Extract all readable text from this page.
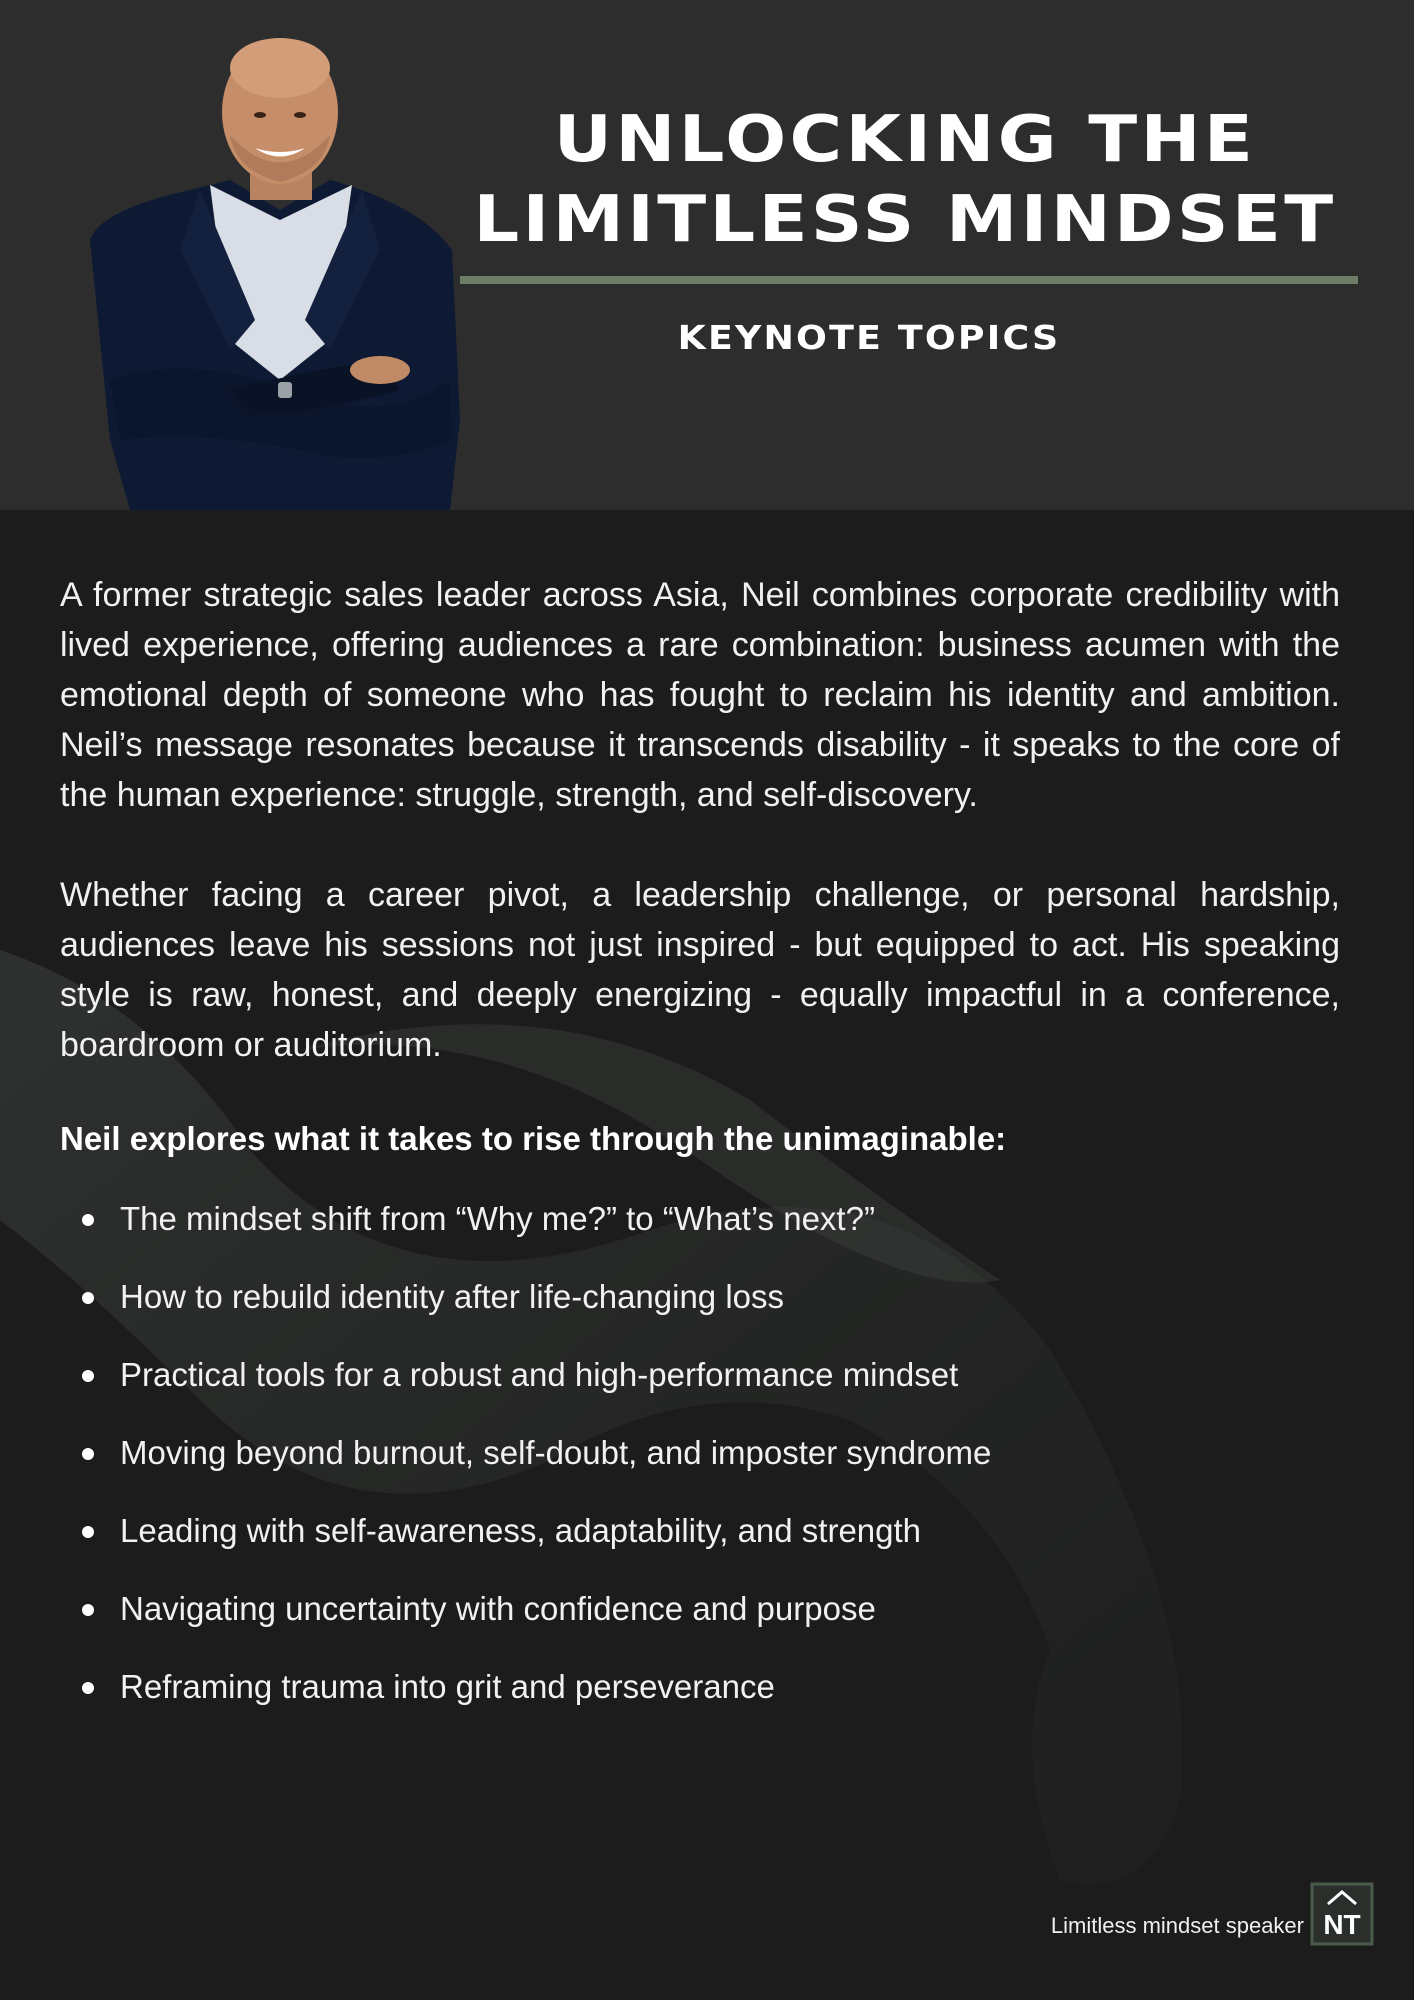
UNLOCKING THE
LIMITLESS MINDSET
KEYNOTE TOPICS

A former strategic sales leader across Asia, Neil combines corporate credibility with lived experience, offering audiences a rare combination: business acumen with the emotional depth of someone who has fought to reclaim his identity and ambition. Neil’s message resonates because it transcends disability - it speaks to the core of the human experience: struggle, strength, and self-discovery.

Whether facing a career pivot, a leadership challenge, or personal hardship, audiences leave his sessions not just inspired - but equipped to act. His speaking style is raw, honest, and deeply energizing - equally impactful in a conference, boardroom or auditorium.

Neil explores what it takes to rise through the unimaginable:

The mindset shift from “Why me?” to “What’s next?”
How to rebuild identity after life-changing loss
Practical tools for a robust and high-performance mindset
Moving beyond burnout, self-doubt, and imposter syndrome
Leading with self-awareness, adaptability, and strength
Navigating uncertainty with confidence and purpose
Reframing trauma into grit and perseverance
Limitless mindset speaker NT
